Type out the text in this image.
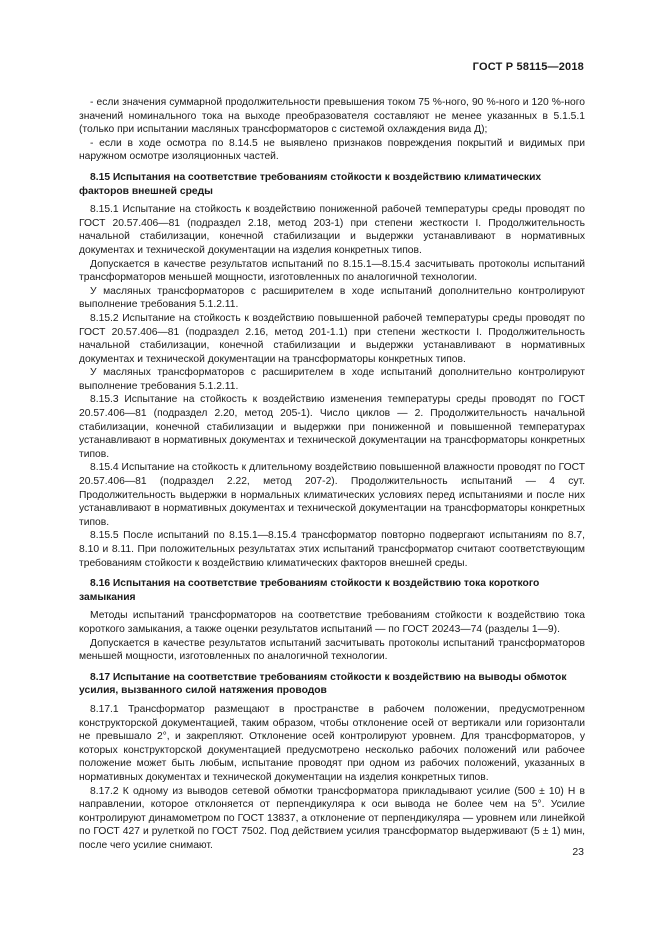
ГОСТ Р 58115—2018

- если значения суммарной продолжительности превышения током 75 %-ного, 90 %-ного и 120 %-ного значений номинального тока на выходе преобразователя составляют не менее указанных в 5.1.5.1 (только при испытании масляных трансформаторов с системой охлаждения вида Д);

- если в ходе осмотра по 8.14.5 не выявлено признаков повреждения покрытий и видимых при наружном осмотре изоляционных частей.

8.15 Испытания на соответствие требованиям стойкости к воздействию климатических факторов внешней среды

8.15.1 Испытание на стойкость к воздействию пониженной рабочей температуры среды проводят по ГОСТ 20.57.406—81 (подраздел 2.18, метод 203-1) при степени жесткости I. Продолжительность начальной стабилизации, конечной стабилизации и выдержки устанавливают в нормативных документах и технической документации на изделия конкретных типов.

Допускается в качестве результатов испытаний по 8.15.1—8.15.4 засчитывать протоколы испытаний трансформаторов меньшей мощности, изготовленных по аналогичной технологии.

У масляных трансформаторов с расширителем в ходе испытаний дополнительно контролируют выполнение требования 5.1.2.11.

8.15.2 Испытание на стойкость к воздействию повышенной рабочей температуры среды проводят по ГОСТ 20.57.406—81 (подраздел 2.16, метод 201-1.1) при степени жесткости I. Продолжительность начальной стабилизации, конечной стабилизации и выдержки устанавливают в нормативных документах и технической документации на трансформаторы конкретных типов.

У масляных трансформаторов с расширителем в ходе испытаний дополнительно контролируют выполнение требования 5.1.2.11.

8.15.3 Испытание на стойкость к воздействию изменения температуры среды проводят по ГОСТ 20.57.406—81 (подраздел 2.20, метод 205-1). Число циклов — 2. Продолжительность начальной стабилизации, конечной стабилизации и выдержки при пониженной и повышенной температурах устанавливают в нормативных документах и технической документации на трансформаторы конкретных типов.

8.15.4 Испытание на стойкость к длительному воздействию повышенной влажности проводят по ГОСТ 20.57.406—81 (подраздел 2.22, метод 207-2). Продолжительность испытаний — 4 сут. Продолжительность выдержки в нормальных климатических условиях перед испытаниями и после них устанавливают в нормативных документах и технической документации на трансформаторы конкретных типов.

8.15.5 После испытаний по 8.15.1—8.15.4 трансформатор повторно подвергают испытаниям по 8.7, 8.10 и 8.11. При положительных результатах этих испытаний трансформатор считают соответствующим требованиям стойкости к воздействию климатических факторов внешней среды.

8.16 Испытания на соответствие требованиям стойкости к воздействию тока короткого замыкания

Методы испытаний трансформаторов на соответствие требованиям стойкости к воздействию тока короткого замыкания, а также оценки результатов испытаний — по ГОСТ 20243—74 (разделы 1—9).

Допускается в качестве результатов испытаний засчитывать протоколы испытаний трансформаторов меньшей мощности, изготовленных по аналогичной технологии.

8.17 Испытание на соответствие требованиям стойкости к воздействию на выводы обмоток усилия, вызванного силой натяжения проводов

8.17.1 Трансформатор размещают в пространстве в рабочем положении, предусмотренном конструкторской документацией, таким образом, чтобы отклонение осей от вертикали или горизонтали не превышало 2°, и закрепляют. Отклонение осей контролируют уровнем. Для трансформаторов, у которых конструкторской документацией предусмотрено несколько рабочих положений или рабочее положение может быть любым, испытание проводят при одном из рабочих положений, указанных в нормативных документах и технической документации на изделия конкретных типов.

8.17.2 К одному из выводов сетевой обмотки трансформатора прикладывают усилие (500 ± 10) Н в направлении, которое отклоняется от перпендикуляра к оси вывода не более чем на 5°. Усилие контролируют динамометром по ГОСТ 13837, а отклонение от перпендикуляра — уровнем или линейкой по ГОСТ 427 и рулеткой по ГОСТ 7502. Под действием усилия трансформатор выдерживают (5 ± 1) мин, после чего усилие снимают.

23
